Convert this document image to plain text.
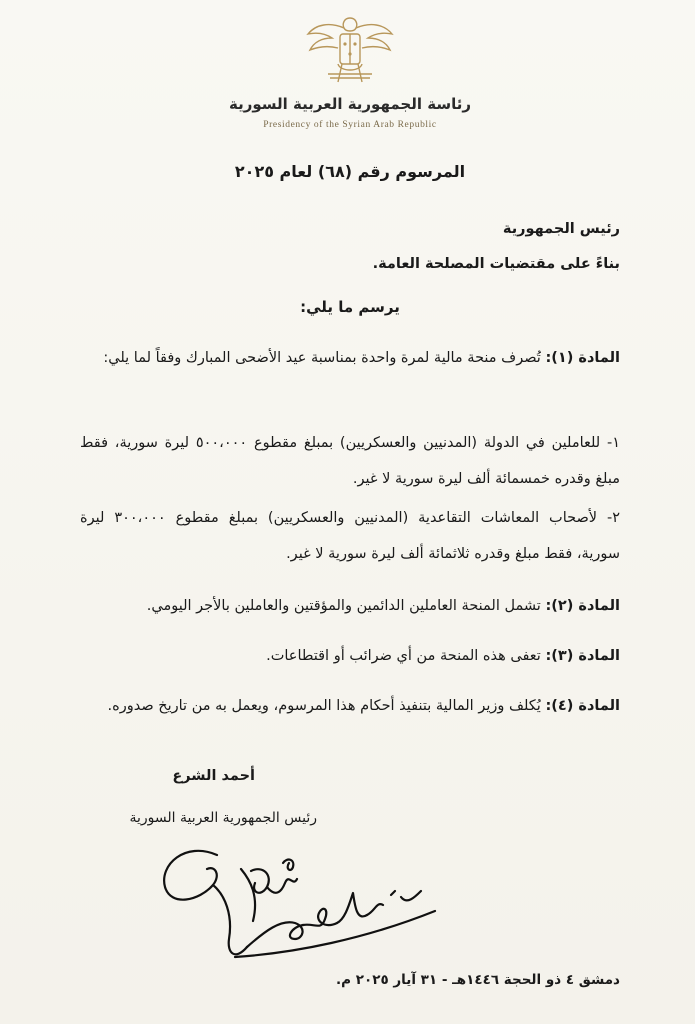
رئاسة الجمهورية العربية السورية
Presidency of the Syrian Arab Republic
المرسوم رقم (٦٨) لعام ٢٠٢٥
رئيس الجمهورية
بناءً على مقتضيات المصلحة العامة.
يرسم ما يلي:
المادة (١): تُصرف منحة مالية لمرة واحدة بمناسبة عيد الأضحى المبارك وفقاً لما يلي:
١- للعاملين في الدولة (المدنيين والعسكريين) بمبلغ مقطوع ٥٠٠،٠٠٠ ليرة سورية، فقط مبلغ وقدره خمسمائة ألف ليرة سورية لا غير.
٢- لأصحاب المعاشات التقاعدية (المدنيين والعسكريين) بمبلغ مقطوع ٣٠٠،٠٠٠ ليرة سورية، فقط مبلغ وقدره ثلاثمائة ألف ليرة سورية لا غير.
المادة (٢): تشمل المنحة العاملين الدائمين والمؤقتين والعاملين بالأجر اليومي.
المادة (٣): تعفى هذه المنحة من أي ضرائب أو اقتطاعات.
المادة (٤): يُكلف وزير المالية بتنفيذ أحكام هذا المرسوم، ويعمل به من تاريخ صدوره.
أحمد الشرع
رئيس الجمهورية العربية السورية
دمشق ٤ ذو الحجة ١٤٤٦هـ - ٣١ آيار ٢٠٢٥ م.
